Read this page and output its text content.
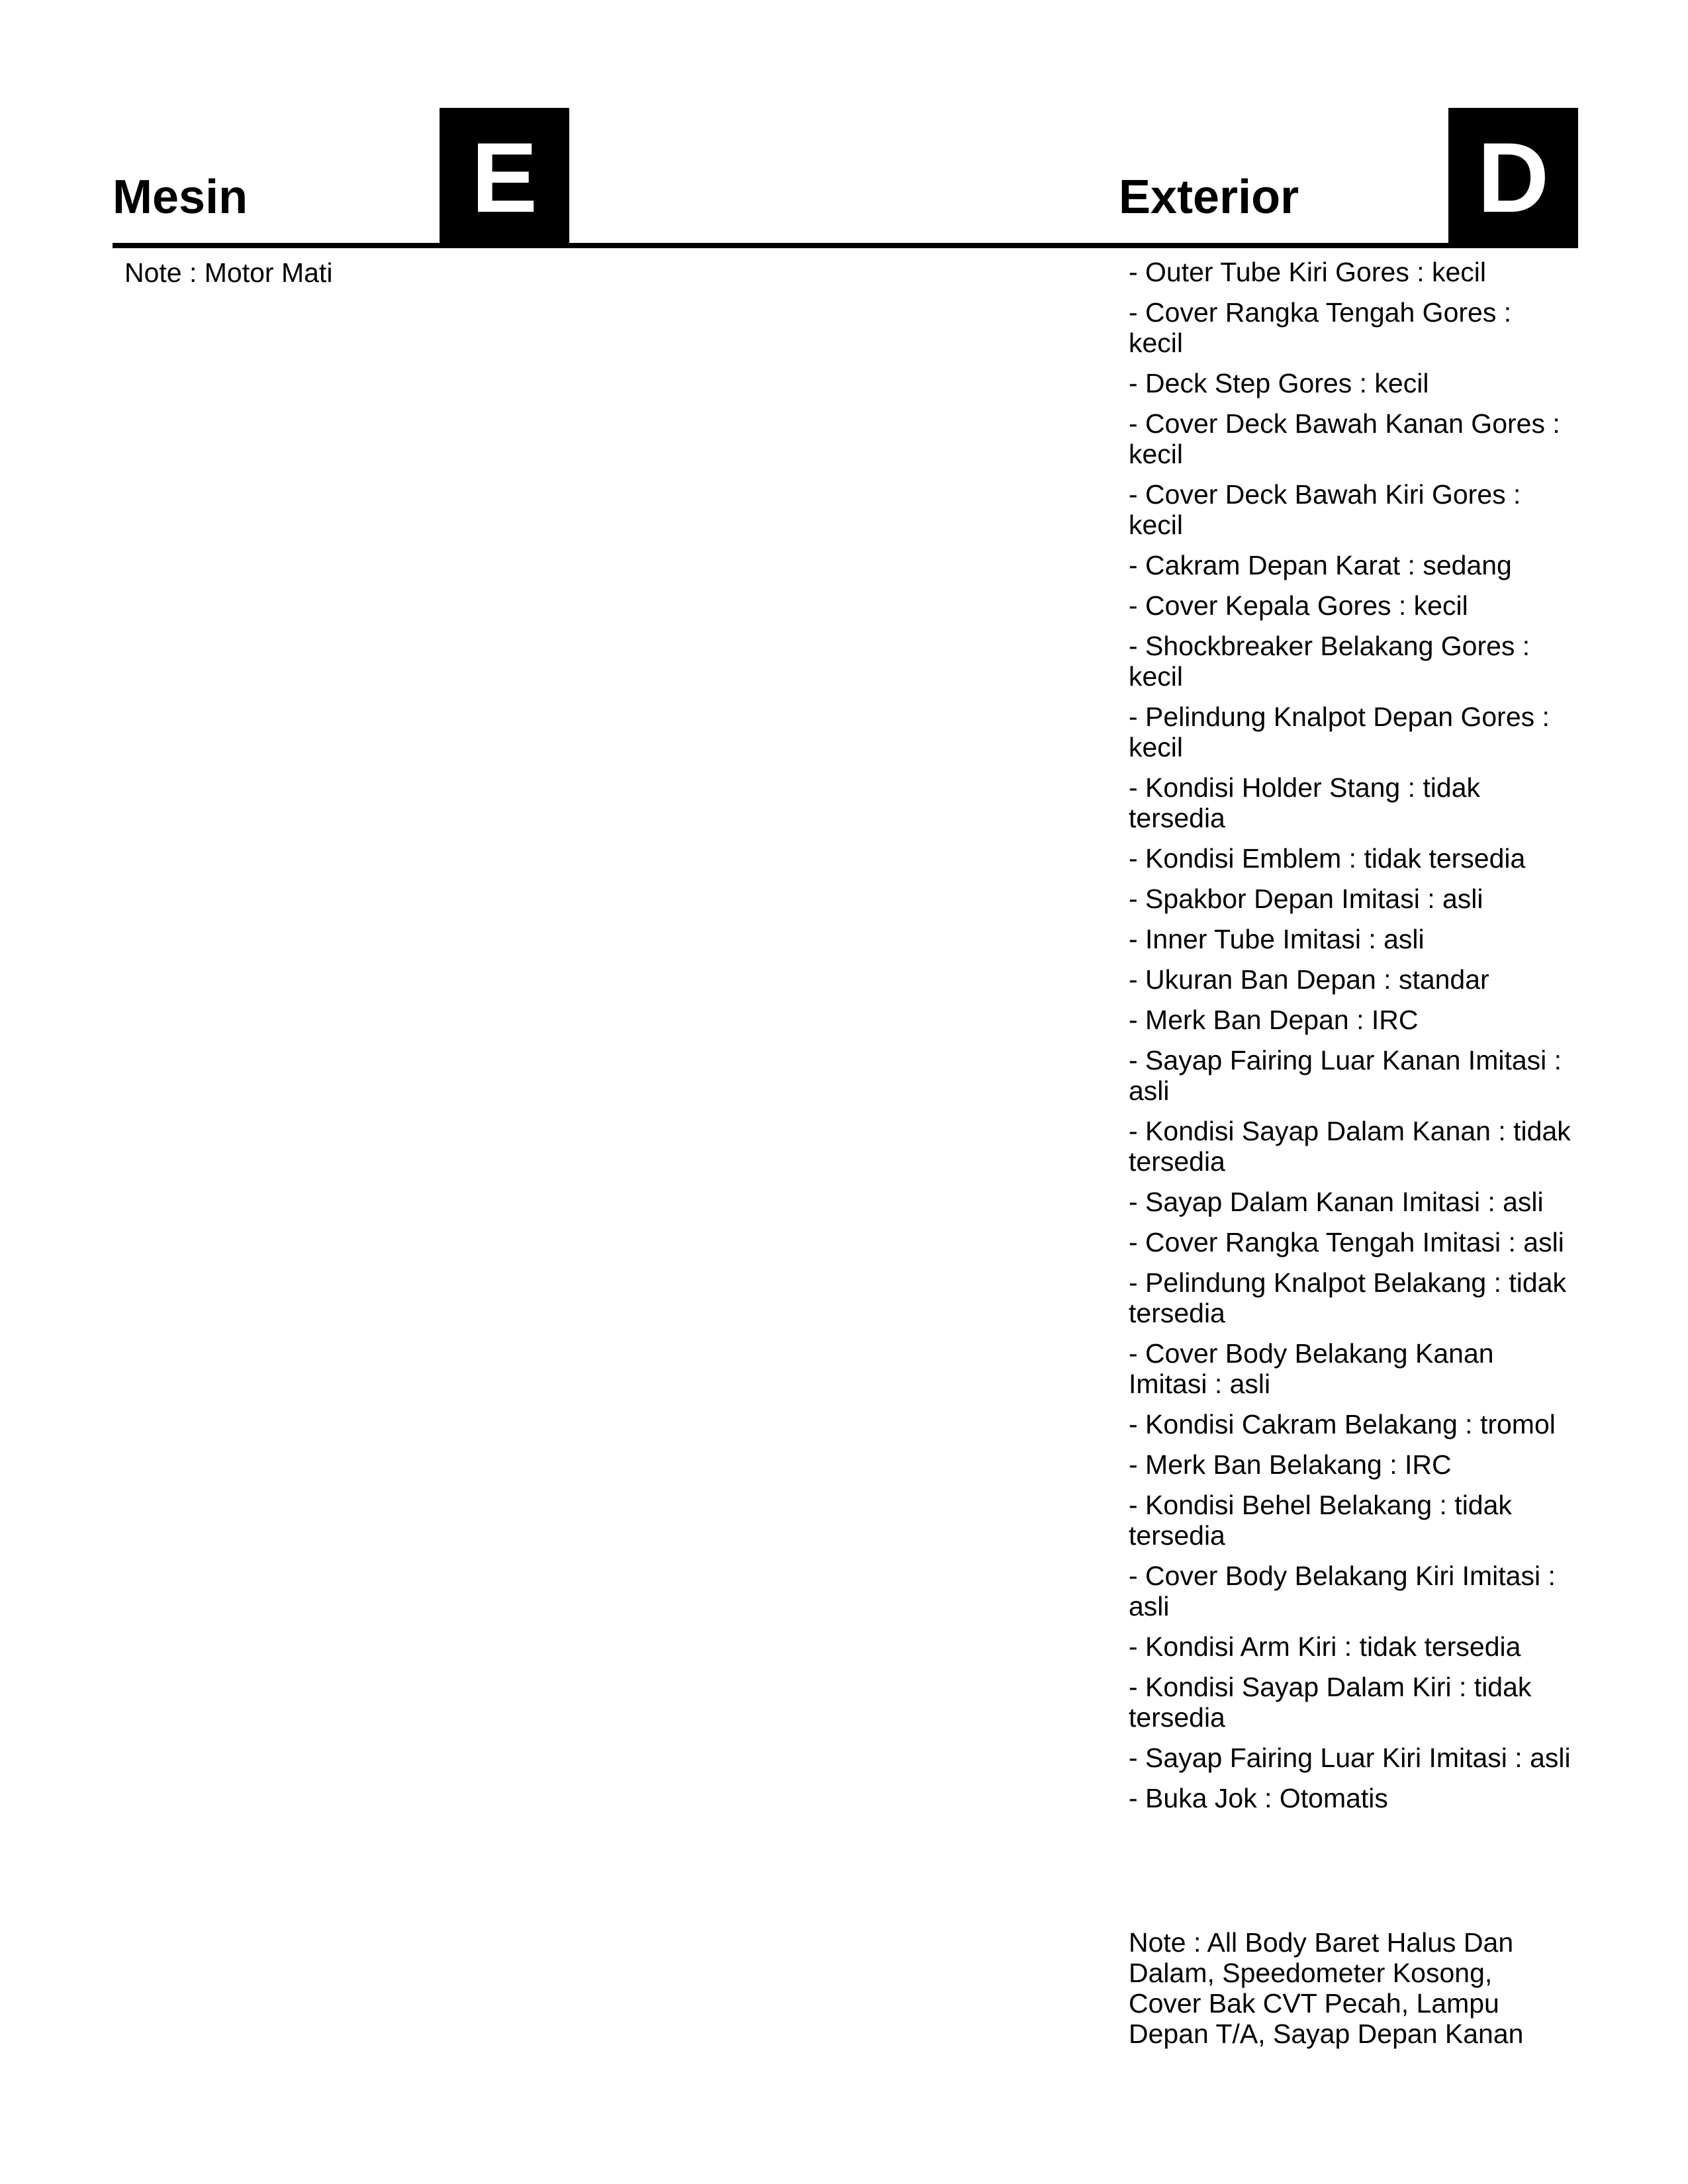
Mesin	E
Note : Motor Mati
Exterior D
- Outer Tube Kiri Gores : kecil
- Cover Rangka Tengah Gores : kecil
- Deck Step Gores : kecil
- Cover Deck Bawah Kanan Gores : kecil
- Cover Deck Bawah Kiri Gores : kecil
- Cakram Depan Karat : sedang
- Cover Kepala Gores : kecil
- Shockbreaker Belakang Gores : kecil
- Pelindung Knalpot Depan Gores : kecil
- Kondisi Holder Stang : tidak tersedia
- Kondisi Emblem : tidak tersedia
- Spakbor Depan Imitasi : asli
- Inner Tube Imitasi : asli
- Ukuran Ban Depan : standar
- Merk Ban Depan : IRC
- Sayap Fairing Luar Kanan Imitasi : asli
- Kondisi Sayap Dalam Kanan : tidak tersedia
- Sayap Dalam Kanan Imitasi : asli
- Cover Rangka Tengah Imitasi : asli
- Pelindung Knalpot Belakang : tidak tersedia
- Cover Body Belakang Kanan Imitasi : asli
- Kondisi Cakram Belakang : tromol
- Merk Ban Belakang : IRC
- Kondisi Behel Belakang : tidak tersedia
- Cover Body Belakang Kiri Imitasi : asli
- Kondisi Arm Kiri : tidak tersedia
- Kondisi Sayap Dalam Kiri : tidak tersedia
- Sayap Fairing Luar Kiri Imitasi : asli
- Buka Jok : Otomatis
Note : All Body Baret Halus Dan Dalam, Speedometer Kosong, Cover Bak CVT Pecah, Lampu Depan T/A, Sayap Depan Kanan
